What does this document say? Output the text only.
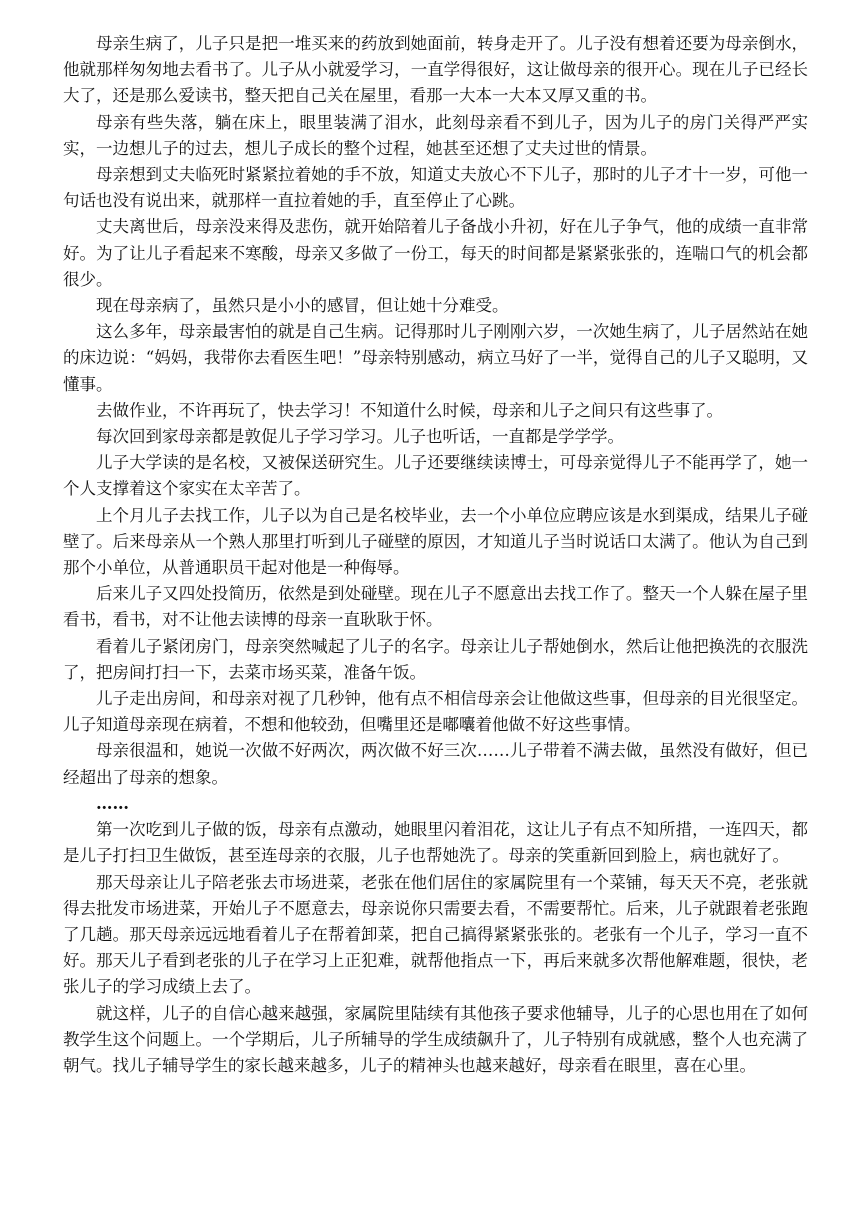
母亲生病了，儿子只是把一堆买来的药放到她面前，转身走开了。儿子没有想着还要为母亲倒水，他就那样匆匆地去看书了。儿子从小就爱学习，一直学得很好，这让做母亲的很开心。现在儿子已经长大了，还是那么爱读书，整天把自己关在屋里，看那一大本一大本又厚又重的书。

母亲有些失落，躺在床上，眼里装满了泪水，此刻母亲看不到儿子，因为儿子的房门关得严严实实，一边想儿子的过去，想儿子成长的整个过程，她甚至还想了丈夫过世的情景。

母亲想到丈夫临死时紧紧拉着她的手不放，知道丈夫放心不下儿子，那时的儿子才十一岁，可他一句话也没有说出来，就那样一直拉着她的手，直至停止了心跳。

丈夫离世后，母亲没来得及悲伤，就开始陪着儿子备战小升初，好在儿子争气，他的成绩一直非常好。为了让儿子看起来不寒酸，母亲又多做了一份工，每天的时间都是紧紧张张的，连喘口气的机会都很少。

现在母亲病了，虽然只是小小的感冒，但让她十分难受。

这么多年，母亲最害怕的就是自己生病。记得那时儿子刚刚六岁，一次她生病了，儿子居然站在她的床边说：“妈妈，我带你去看医生吧！”母亲特别感动，病立马好了一半，觉得自己的儿子又聪明，又懂事。

去做作业，不许再玩了，快去学习！不知道什么时候，母亲和儿子之间只有这些事了。

每次回到家母亲都是敦促儿子学习学习。儿子也听话，一直都是学学学。

儿子大学读的是名校，又被保送研究生。儿子还要继续读博士，可母亲觉得儿子不能再学了，她一个人支撑着这个家实在太辛苦了。

上个月儿子去找工作，儿子以为自己是名校毕业，去一个小单位应聘应该是水到渠成，结果儿子碰壁了。后来母亲从一个熟人那里打听到儿子碰壁的原因，才知道儿子当时说话口太满了。他认为自己到那个小单位，从普通职员干起对他是一种侮辱。

后来儿子又四处投简历，依然是到处碰壁。现在儿子不愿意出去找工作了。整天一个人躲在屋子里看书，看书，对不让他去读博的母亲一直耿耿于怀。

看着儿子紧闭房门，母亲突然喊起了儿子的名字。母亲让儿子帮她倒水，然后让他把换洗的衣服洗了，把房间打扫一下，去菜市场买菜，准备午饭。

儿子走出房间，和母亲对视了几秒钟，他有点不相信母亲会让他做这些事，但母亲的目光很坚定。儿子知道母亲现在病着，不想和他较劲，但嘴里还是嘟囔着他做不好这些事情。

母亲很温和，她说一次做不好两次，两次做不好三次……儿子带着不满去做，虽然没有做好，但已经超出了母亲的想象。

……

第一次吃到儿子做的饭，母亲有点激动，她眼里闪着泪花，这让儿子有点不知所措，一连四天，都是儿子打扫卫生做饭，甚至连母亲的衣服，儿子也帮她洗了。母亲的笑重新回到脸上，病也就好了。

那天母亲让儿子陪老张去市场进菜，老张在他们居住的家属院里有一个菜铺，每天天不亮，老张就得去批发市场进菜，开始儿子不愿意去，母亲说你只需要去看，不需要帮忙。后来，儿子就跟着老张跑了几趟。那天母亲远远地看着儿子在帮着卸菜，把自己搞得紧紧张张的。老张有一个儿子，学习一直不好。那天儿子看到老张的儿子在学习上正犯难，就帮他指点一下，再后来就多次帮他解难题，很快，老张儿子的学习成绩上去了。

就这样，儿子的自信心越来越强，家属院里陆续有其他孩子要求他辅导，儿子的心思也用在了如何教学生这个问题上。一个学期后，儿子所辅导的学生成绩飙升了，儿子特别有成就感，整个人也充满了朝气。找儿子辅导学生的家长越来越多，儿子的精神头也越来越好，母亲看在眼里，喜在心里。
